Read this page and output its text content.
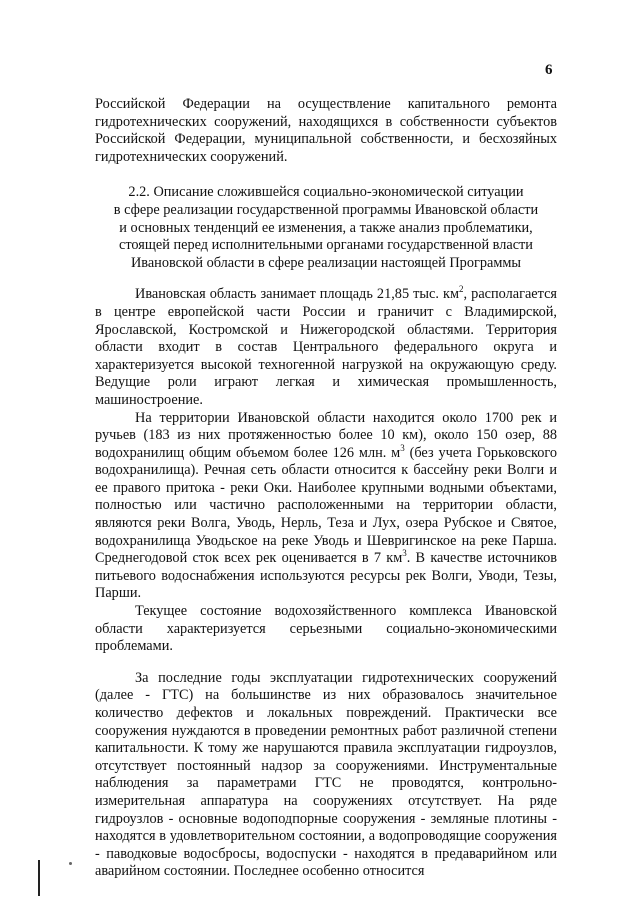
6

Российской Федерации на осуществление капитального ремонта гидротехнических сооружений, находящихся в собственности субъектов Российской Федерации, муниципальной собственности, и бесхозяйных гидротехнических сооружений.

2.2. Описание сложившейся социально-экономической ситуации
в сфере реализации государственной программы Ивановской области
и основных тенденций ее изменения, а также анализ проблематики,
стоящей перед исполнительными органами государственной власти
Ивановской области в сфере реализации настоящей Программы

Ивановская область занимает площадь 21,85 тыс. $км^2$, располагается в центре европейской части России и граничит с Владимирской, Ярославской, Костромской и Нижегородской областями. Территория области входит в состав Центрального федерального округа и характеризуется высокой техногенной нагрузкой на окружающую среду. Ведущие роли играют легкая и химическая промышленность, машиностроение.

На территории Ивановской области находится около 1700 рек и ручьев (183 из них протяженностью более 10 км), около 150 озер, 88 водохранилищ общим объемом более 126 млн. $м^3$ (без учета Горьковского водохранилища). Речная сеть области относится к бассейну реки Волги и ее правого притока - реки Оки. Наиболее крупными водными объектами, полностью или частично расположенными на территории области, являются реки Волга, Уводь, Нерль, Теза и Лух, озера Рубское и Святое, водохранилища Уводьское на реке Уводь и Шевригинское на реке Парша. Среднегодовой сток всех рек оценивается в 7 $км^3$. В качестве источников питьевого водоснабжения используются ресурсы рек Волги, Уводи, Тезы, Парши.

Текущее состояние водохозяйственного комплекса Ивановской области характеризуется серьезными социально-экономическими проблемами.

За последние годы эксплуатации гидротехнических сооружений (далее - ГТС) на большинстве из них образовалось значительное количество дефектов и локальных повреждений. Практически все сооружения нуждаются в проведении ремонтных работ различной степени капитальности. К тому же нарушаются правила эксплуатации гидроузлов, отсутствует постоянный надзор за сооружениями. Инструментальные наблюдения за параметрами ГТС не проводятся, контрольно-измерительная аппаратура на сооружениях отсутствует. На ряде гидроузлов - основные водоподпорные сооружения - земляные плотины - находятся в удовлетворительном состоянии, а водопроводящие сооружения - паводковые водосбросы, водоспуски - находятся в предаварийном или аварийном состоянии. Последнее особенно относится
